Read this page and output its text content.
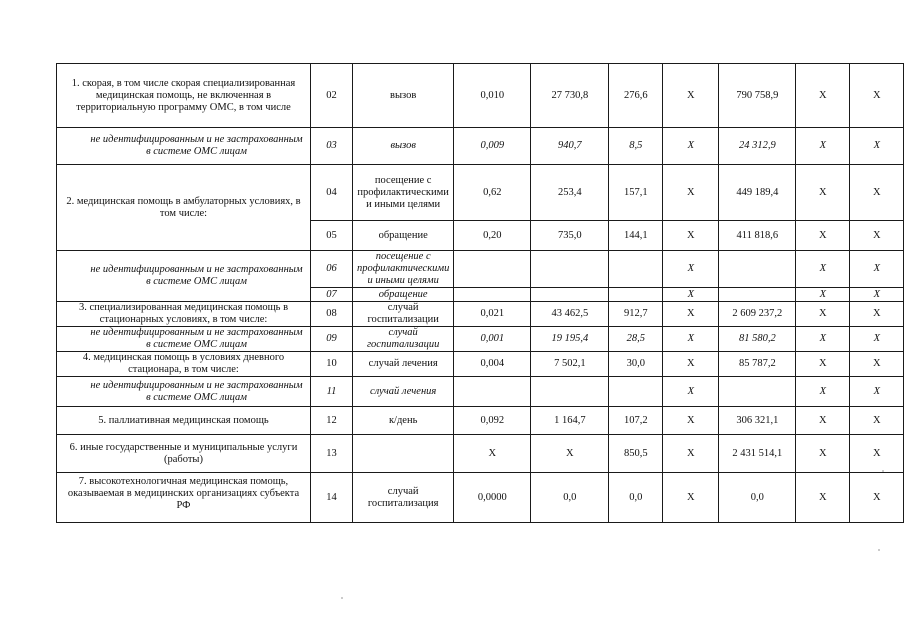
1. скорая, в том числе скорая специализированная медицинская помощь, не включенная в территориальную программу ОМС, в том числе	02	вызов	0,010	27 730,8	276,6	X	790 758,9	X	X
не идентифицированным и не застрахованным в системе ОМС лицам	03	вызов	0,009	940,7	8,5	X	24 312,9	X	X
2. медицинская помощь в амбулаторных условиях, в том числе:	04	посещение с профилактическими и иными целями	0,62	253,4	157,1	X	449 189,4	X	X
	05	обращение	0,20	735,0	144,1	X	411 818,6	X	X
не идентифицированным и не застрахованным в системе ОМС лицам	06	посещение с профилактическими и иными целями				X		X	X
	07	обращение				X		X	X
3. специализированная медицинская помощь в стационарных условиях, в том числе:	08	случай госпитализации	0,021	43 462,5	912,7	X	2 609 237,2	X	X
не идентифицированным и не застрахованным в системе ОМС лицам	09	случай госпитализации	0,001	19 195,4	28,5	X	81 580,2	X	X
4. медицинская помощь в условиях дневного стационара, в том числе:	10	случай лечения	0,004	7 502,1	30,0	X	85 787,2	X	X
не идентифицированным и не застрахованным в системе ОМС лицам	11	случай лечения				X		X	X
5. паллиативная медицинская помощь	12	к/день	0,092	1 164,7	107,2	X	306 321,1	X	X
6. иные государственные и муниципальные услуги (работы)	13		X	X	850,5	X	2 431 514,1	X	X
7. высокотехнологичная медицинская помощь, оказываемая в медицинских организациях субъекта РФ	14	случай госпитализация	0,0000	0,0	0,0	X	0,0	X	X
